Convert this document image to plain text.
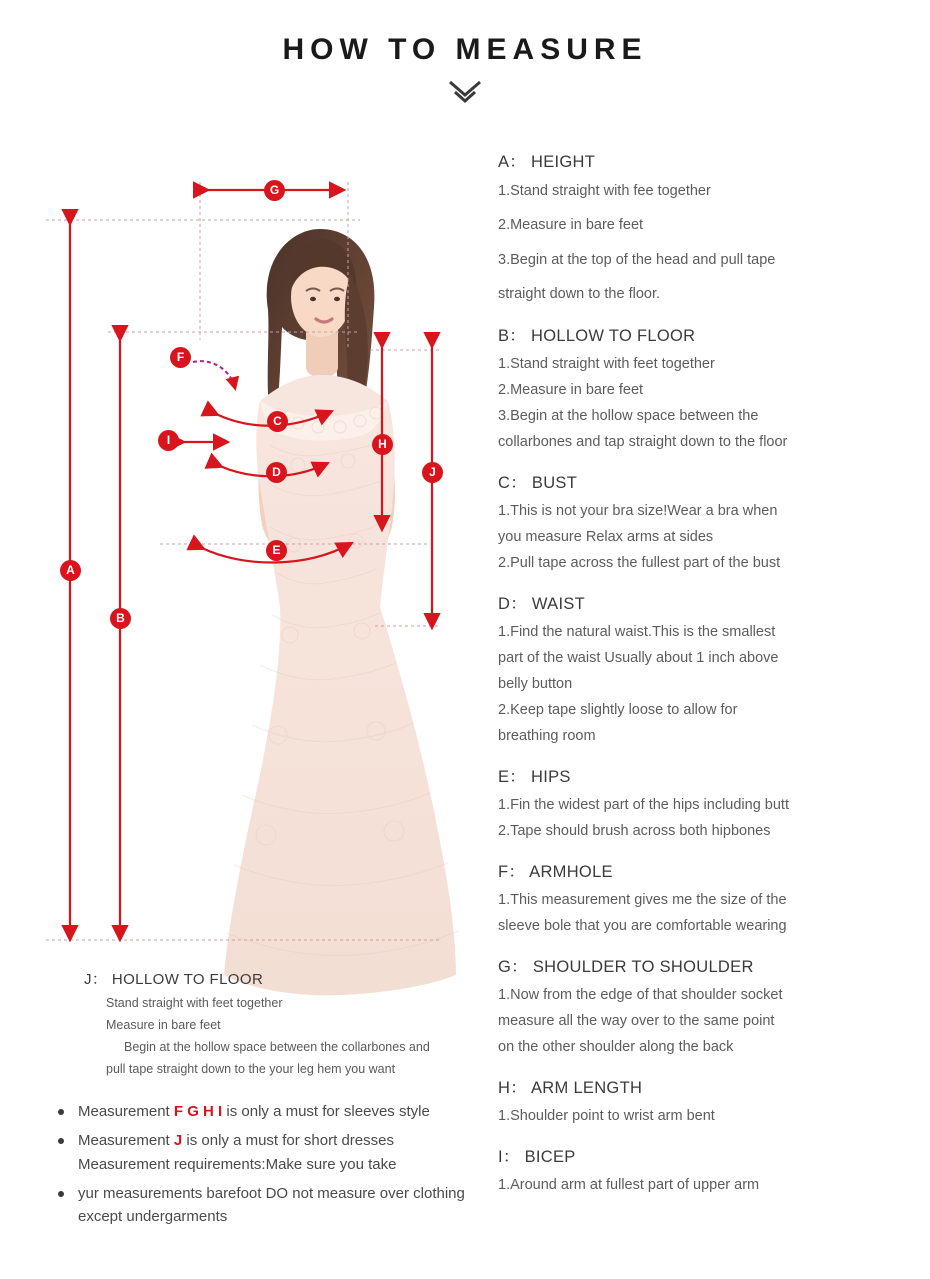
HOW TO MEASURE
G
F
C
I
D
E
H
J
A
B
J： HOLLOW TO FLOOR
Stand straight with feet together
Measure in bare feet
Begin at the hollow space between the collarbones and
pull tape straight down to the your leg hem you want
Measurement F G H I is only a must for sleeves style
Measurement J is only a must for short dresses Measurement requirements:Make sure you take
yur measurements barefoot DO not measure over clothing except undergarments
A： HEIGHT

1.Stand straight with fee together

2.Measure in bare feet

3.Begin at the top of the head and pull tape

straight down to the floor.

B： HOLLOW TO FLOOR

1.Stand straight with feet together

2.Measure in bare feet

3.Begin at the hollow space between the

collarbones and tap straight down to the floor

C： BUST

1.This is not your bra size!Wear a bra when

you measure Relax arms at sides

2.Pull tape across the fullest part of the bust

D： WAIST

1.Find the natural waist.This is the smallest

part of the waist Usually about 1 inch above

belly button

2.Keep tape slightly loose to allow for

breathing room

E： HIPS

1.Fin the widest part of the hips including butt

2.Tape should brush across both hipbones

F： ARMHOLE

1.This measurement gives me the size of the

sleeve bole that you are comfortable wearing

G： SHOULDER TO SHOULDER

1.Now from the edge of that shoulder socket

measure all the way over to the same point

on the other shoulder along the back

H： ARM LENGTH

1.Shoulder point to wrist arm bent

I： BICEP

1.Around arm at fullest part of upper arm
